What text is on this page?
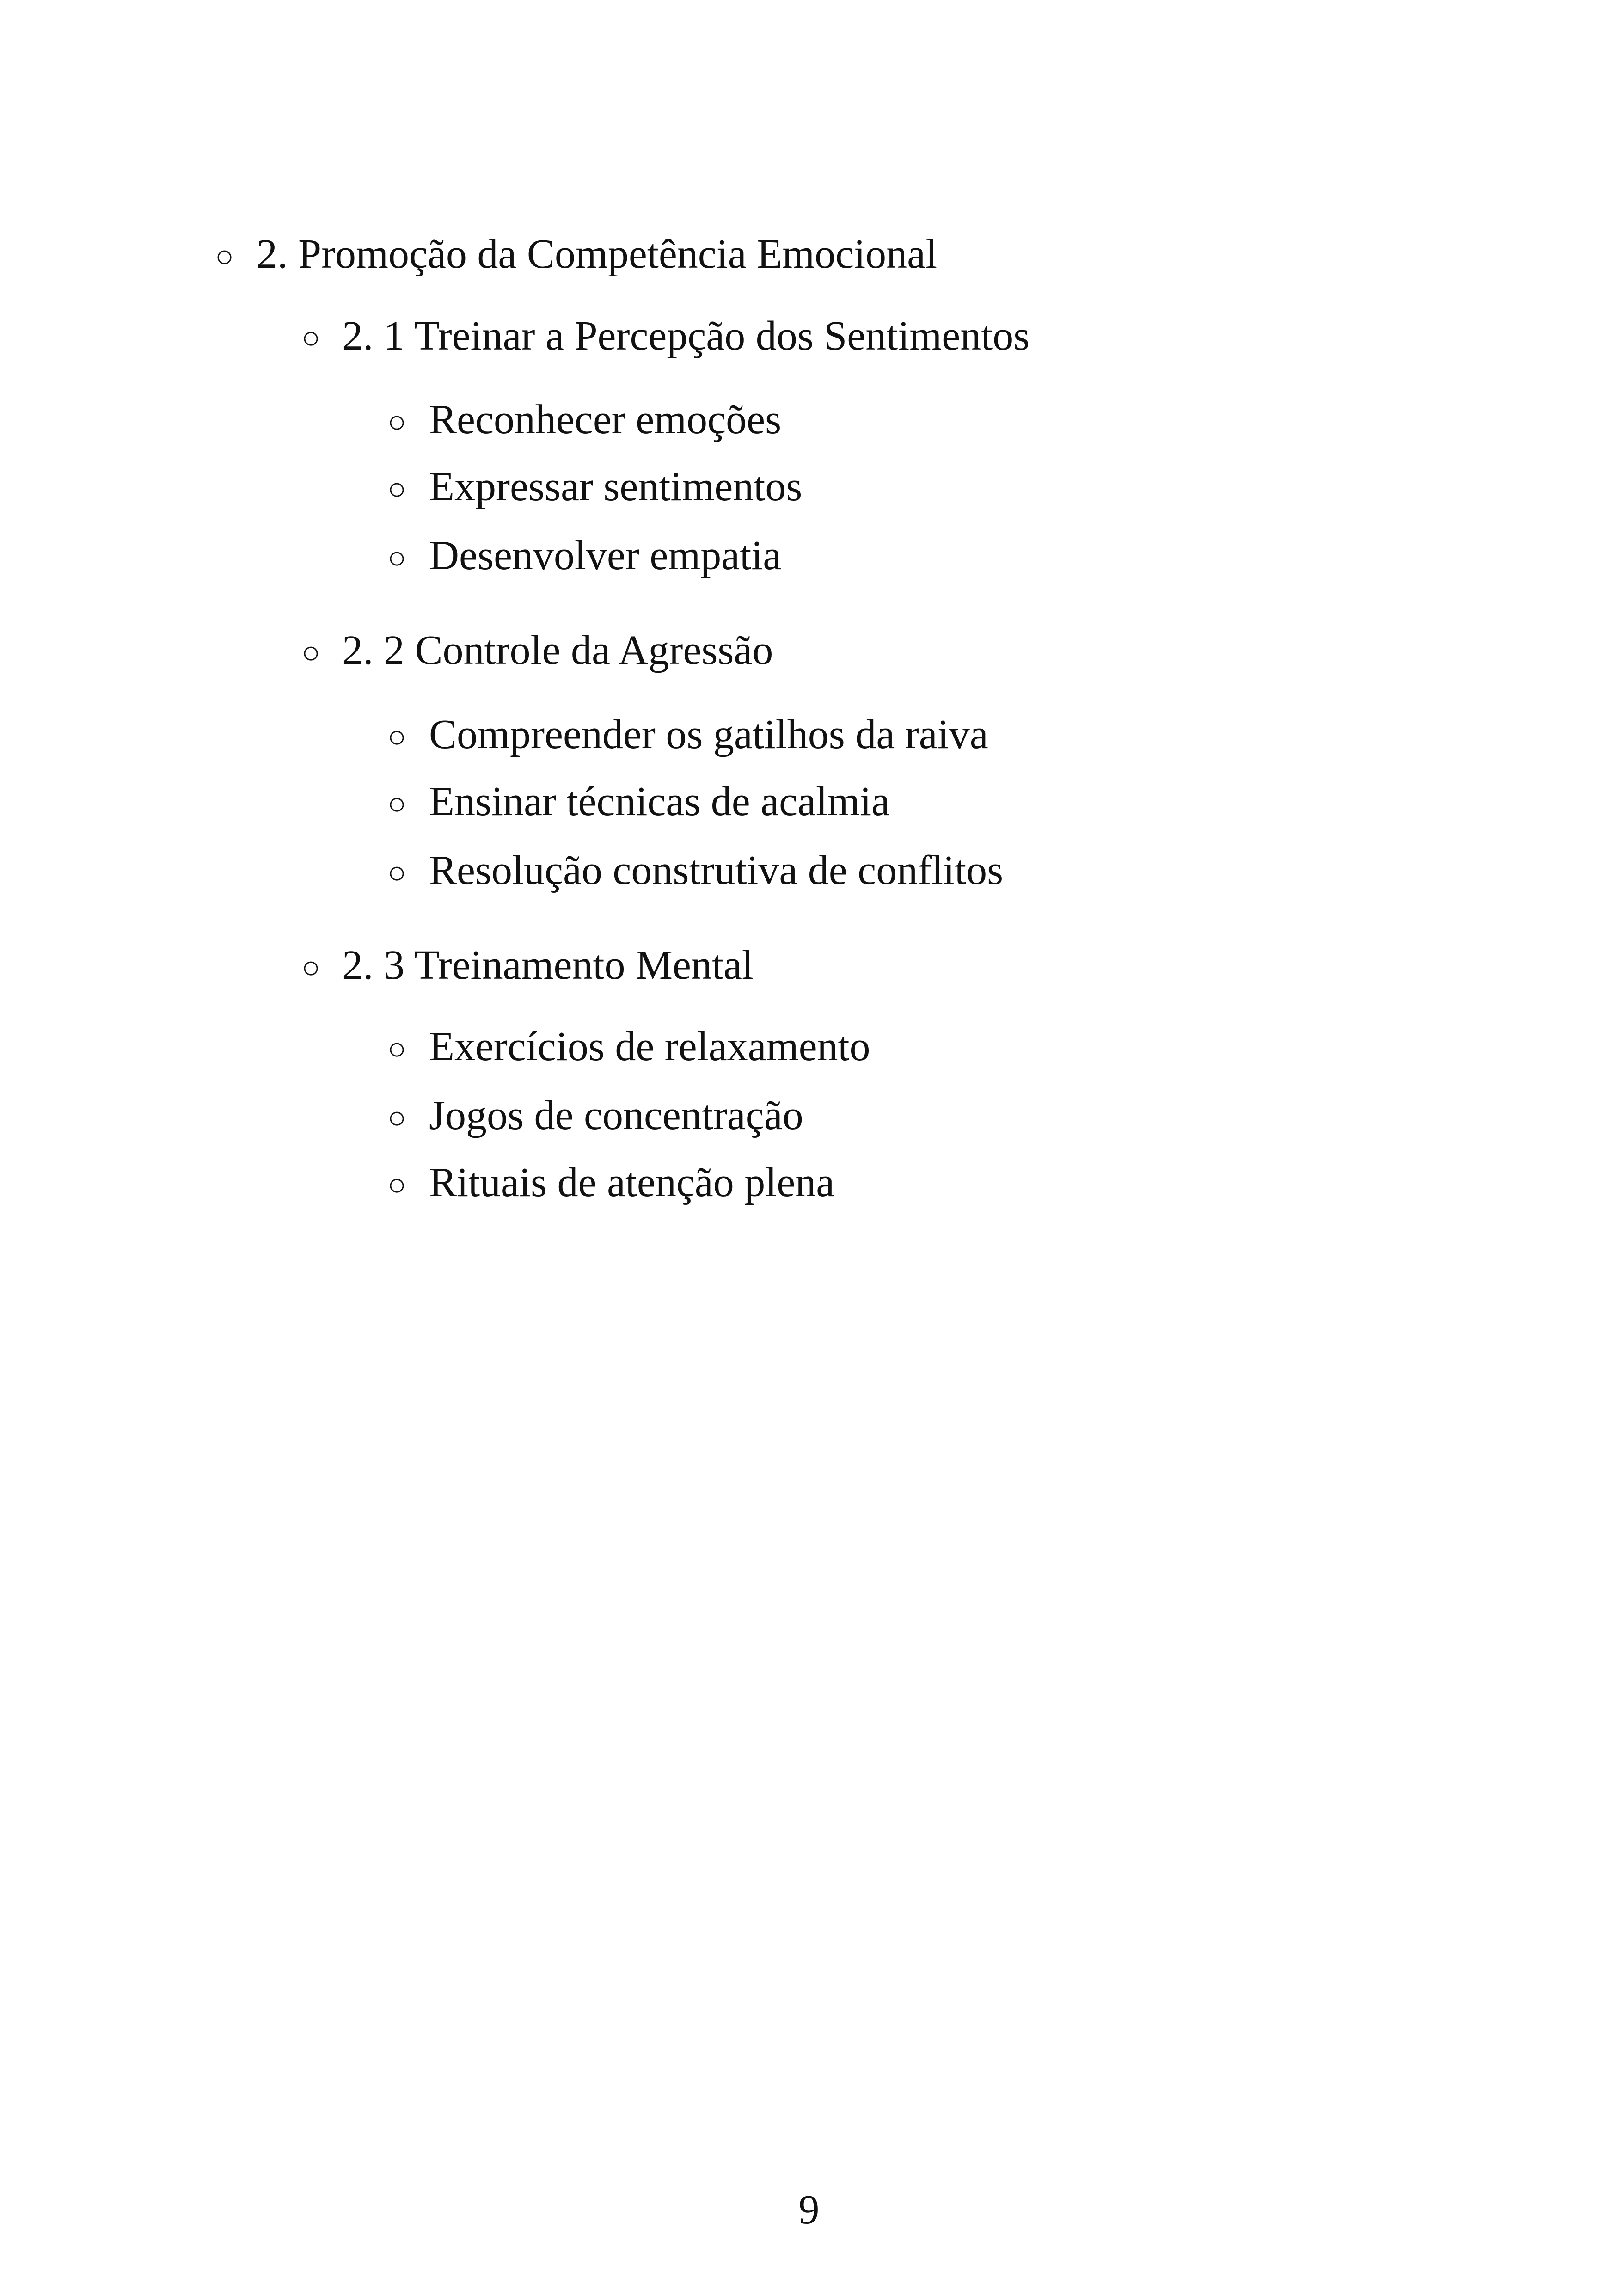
○ 2. Promoção da Competência Emocional
○ 2. 1 Treinar a Percepção dos Sentimentos
○ Reconhecer emoções
○ Expressar sentimentos
○ Desenvolver empatia
○ 2. 2 Controle da Agressão
○ Compreender os gatilhos da raiva
○ Ensinar técnicas de acalmia
○ Resolução construtiva de conflitos
○ 2. 3 Treinamento Mental
○ Exercícios de relaxamento
○ Jogos de concentração
○ Rituais de atenção plena
9
